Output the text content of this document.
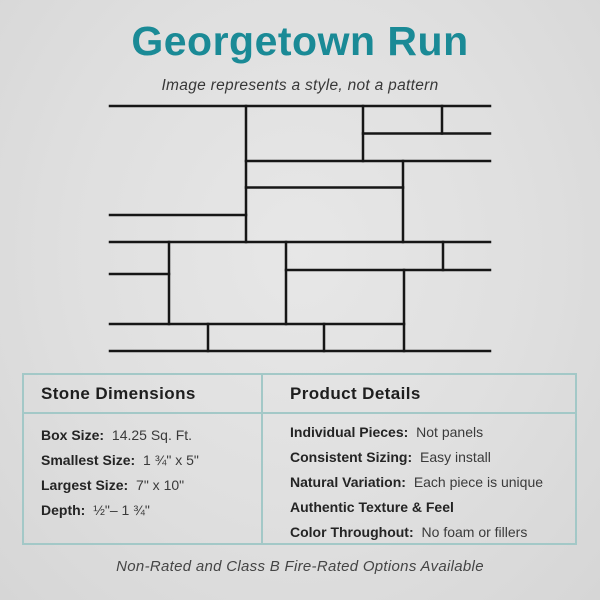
Georgetown Run
Image represents a style, not a pattern
Stone Dimensions
Box Size: 14.25 Sq. Ft.
Smallest Size: 1 ¾" x 5"
Largest Size: 7" x 10"
Depth: ½"– 1 ¾"
Product Details
Individual Pieces: Not panels
Consistent Sizing: Easy install
Natural Variation: Each piece is unique
Authentic Texture & Feel
Color Throughout: No foam or fillers
Non-Rated and Class B Fire-Rated Options Available
